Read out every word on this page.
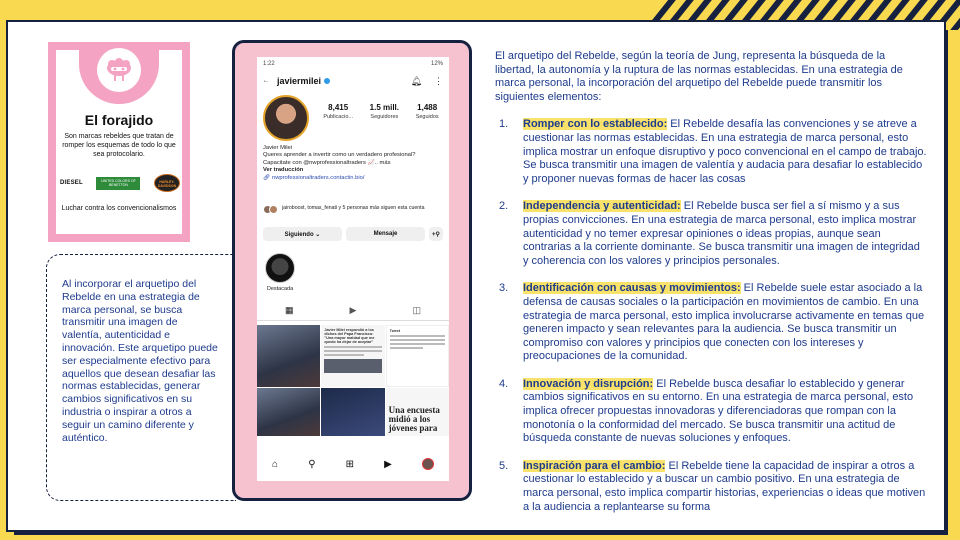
El forajido
Son marcas rebeldes que tratan de romper los esquemas de todo lo que sea protocolario.
DIESEL	UNITED COLORS OF BENETTON
HARLEY-DAVIDSON
Luchar contra los convencionalismos
Al incorporar el arquetipo del Rebelde en una estrategia de marca personal, se busca transmitir una imagen de valentía, autenticidad e innovación. Este arquetipo puede ser especialmente efectivo para aquellos que desean desafiar las normas establecidas, generar cambios significativos en su industria o inspirar a otros a seguir un camino diferente y auténtico.
1:22	12%
← javiermilei	🔔︎ ⋮
8,415
Publicacio...
1.5 mill.
Seguidores
1,488
Seguidos
Javier Milei
Queres aprender a invertir como un verdadero profesional?
Capacitate con @nwprofessionaltraders 📈.. más
Ver traducción
🔗︎ nwprofessionaltraders.contactin.bio/
jairoboost, tomas_fenati y 5 personas más siguen esta cuenta
Siguiendo ⌄	Mensaje	+⚲
Destacada
▦	▶︎	◫
Javier Milei respondió a los dichos del Papa Francisco: "Una mayor maldad que me quedo ha dejar de aceptar"
Tweet
Una encuesta midió a los jóvenes para
⌂	⚲	⊞	▶︎

El arquetipo del Rebelde, según la teoría de Jung, representa la búsqueda de la libertad, la autonomía y la ruptura de las normas establecidas. En una estrategia de marca personal, la incorporación del arquetipo del Rebelde puede transmitir los siguientes elementos:

1. Romper con lo establecido: El Rebelde desafía las convenciones y se atreve a cuestionar las normas establecidas. En una estrategia de marca personal, esto implica mostrar un enfoque disruptivo y poco convencional en el campo de trabajo. Se busca transmitir una imagen de valentía y audacia para desafiar lo establecido y proponer nuevas formas de hacer las cosas
2. Independencia y autenticidad: El Rebelde busca ser fiel a sí mismo y a sus propias convicciones. En una estrategia de marca personal, esto implica mostrar autenticidad y no temer expresar opiniones o ideas propias, aunque sean contrarias a la corriente dominante. Se busca transmitir una imagen de integridad y coherencia con los valores y principios personales.
3. Identificación con causas y movimientos: El Rebelde suele estar asociado a la defensa de causas sociales o la participación en movimientos de cambio. En una estrategia de marca personal, esto implica involucrarse activamente en temas que generen impacto y sean relevantes para la audiencia. Se busca transmitir un compromiso con valores y principios que conecten con los intereses y preocupaciones de la comunidad.
4. Innovación y disrupción: El Rebelde busca desafiar lo establecido y generar cambios significativos en su entorno. En una estrategia de marca personal, esto implica ofrecer propuestas innovadoras y diferenciadoras que rompan con la monotonía o la conformidad del mercado. Se busca transmitir una actitud de búsqueda constante de nuevas soluciones y enfoques.
5. Inspiración para el cambio: El Rebelde tiene la capacidad de inspirar a otros a cuestionar lo establecido y a buscar un cambio positivo. En una estrategia de marca personal, esto implica compartir historias, experiencias o ideas que motiven a la audiencia a replantearse su forma
